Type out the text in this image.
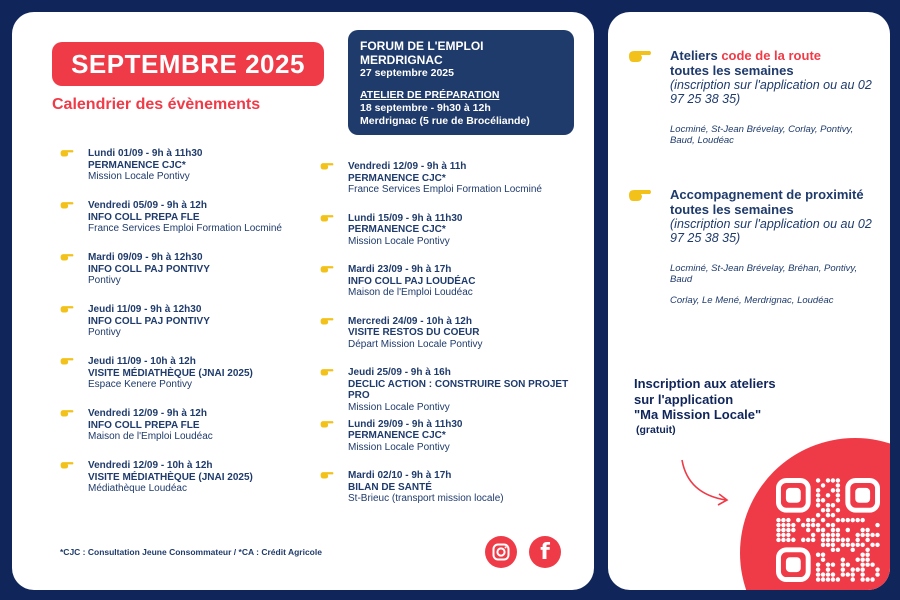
SEPTEMBRE 2025
Calendrier des évènements
FORUM DE L'EMPLOI MERDRIGNAC
27 septembre 2025
ATELIER DE PRÉPARATION
18 septembre - 9h30 à 12h
Merdrignac (5 rue de Brocéliande)
Lundi 01/09 - 9h à 11h30
PERMANENCE CJC*
Mission Locale Pontivy
Vendredi 05/09 - 9h à 12h
INFO COLL PREPA FLE
France Services Emploi Formation Locminé
Mardi 09/09 - 9h à 12h30
INFO COLL PAJ PONTIVY
Pontivy
Jeudi 11/09 - 9h à 12h30
INFO COLL PAJ PONTIVY
Pontivy
Jeudi 11/09 - 10h à 12h
VISITE MÉDIATHÈQUE (JNAI 2025)
Espace Kenere Pontivy
Vendredi 12/09 - 9h à 12h
INFO COLL PREPA FLE
Maison de l'Emploi Loudéac
Vendredi 12/09 - 10h à 12h
VISITE MÉDIATHÈQUE (JNAI 2025)
Médiathèque Loudéac
Vendredi 12/09 - 9h à 11h
PERMANENCE CJC*
France Services Emploi Formation Locminé
Lundi 15/09 - 9h à 11h30
PERMANENCE CJC*
Mission Locale Pontivy
Mardi 23/09 - 9h à 17h
INFO COLL PAJ LOUDÉAC
Maison de l'Emploi Loudéac
Mercredi 24/09 - 10h à 12h
VISITE RESTOS DU COEUR
Départ Mission Locale Pontivy
Jeudi 25/09 - 9h à 16h
DECLIC ACTION : CONSTRUIRE SON PROJET PRO
Mission Locale Pontivy
Lundi 29/09 - 9h à 11h30
PERMANENCE CJC*
Mission Locale Pontivy
Mardi 02/10 - 9h à 17h
BILAN DE SANTÉ
St-Brieuc (transport mission locale)
*CJC : Consultation Jeune Consommateur / *CA : Crédit Agricole	f
Ateliers code de la route
toutes les semaines
(inscription sur l'application ou au 02 97 25 38 35)
Locminé, St-Jean Brévelay, Corlay, Pontivy, Baud, Loudéac
Accompagnement de proximité toutes les semaines
(inscription sur l'application ou au 02 97 25 38 35)
Locminé, St-Jean Brévelay, Bréhan, Pontivy, Baud
Corlay, Le Mené, Merdrignac, Loudéac
Inscription aux ateliers
sur l'application
"Ma Mission Locale"
(gratuit)
